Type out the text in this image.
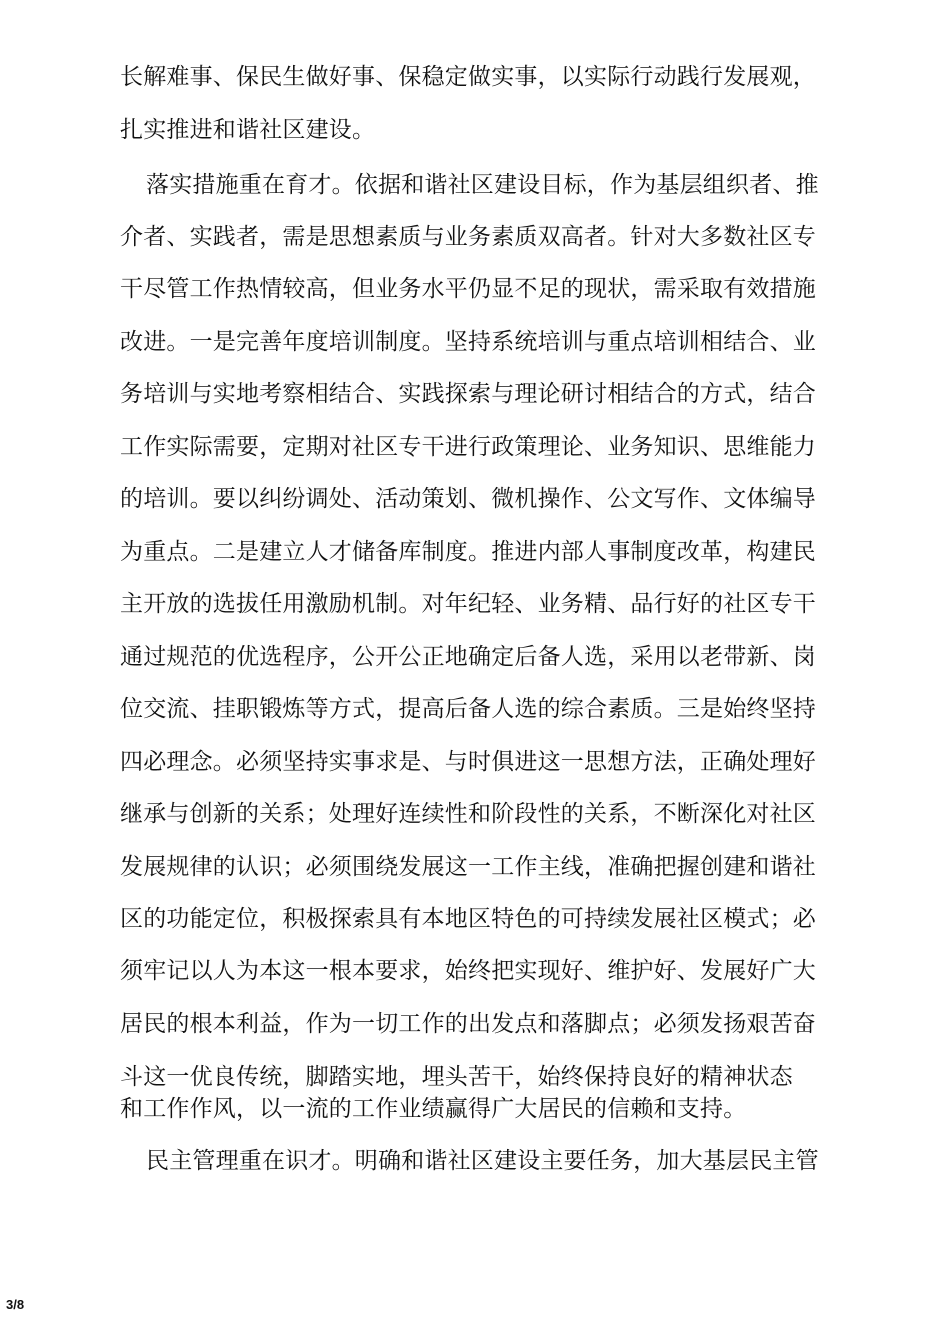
长解难事、保民生做好事、保稳定做实事，以实际行动践行发展观，
扎实推进和谐社区建设。
落实措施重在育才。依据和谐社区建设目标，作为基层组织者、推
介者、实践者，需是思想素质与业务素质双高者。针对大多数社区专
干尽管工作热情较高，但业务水平仍显不足的现状，需采取有效措施
改进。一是完善年度培训制度。坚持系统培训与重点培训相结合、业
务培训与实地考察相结合、实践探索与理论研讨相结合的方式，结合
工作实际需要，定期对社区专干进行政策理论、业务知识、思维能力
的培训。要以纠纷调处、活动策划、微机操作、公文写作、文体编导
为重点。二是建立人才储备库制度。推进内部人事制度改革，构建民
主开放的选拔任用激励机制。对年纪轻、业务精、品行好的社区专干
通过规范的优选程序，公开公正地确定后备人选，采用以老带新、岗
位交流、挂职锻炼等方式，提高后备人选的综合素质。三是始终坚持
四必理念。必须坚持实事求是、与时俱进这一思想方法，正确处理好
继承与创新的关系；处理好连续性和阶段性的关系，不断深化对社区
发展规律的认识；必须围绕发展这一工作主线，准确把握创建和谐社
区的功能定位，积极探索具有本地区特色的可持续发展社区模式；必
须牢记以人为本这一根本要求，始终把实现好、维护好、发展好广大
居民的根本利益，作为一切工作的出发点和落脚点；必须发扬艰苦奋
斗这一优良传统，脚踏实地，埋头苦干，始终保持良好的精神状态
和工作作风，以一流的工作业绩赢得广大居民的信赖和支持。
民主管理重在识才。明确和谐社区建设主要任务，加大基层民主管
3/8
